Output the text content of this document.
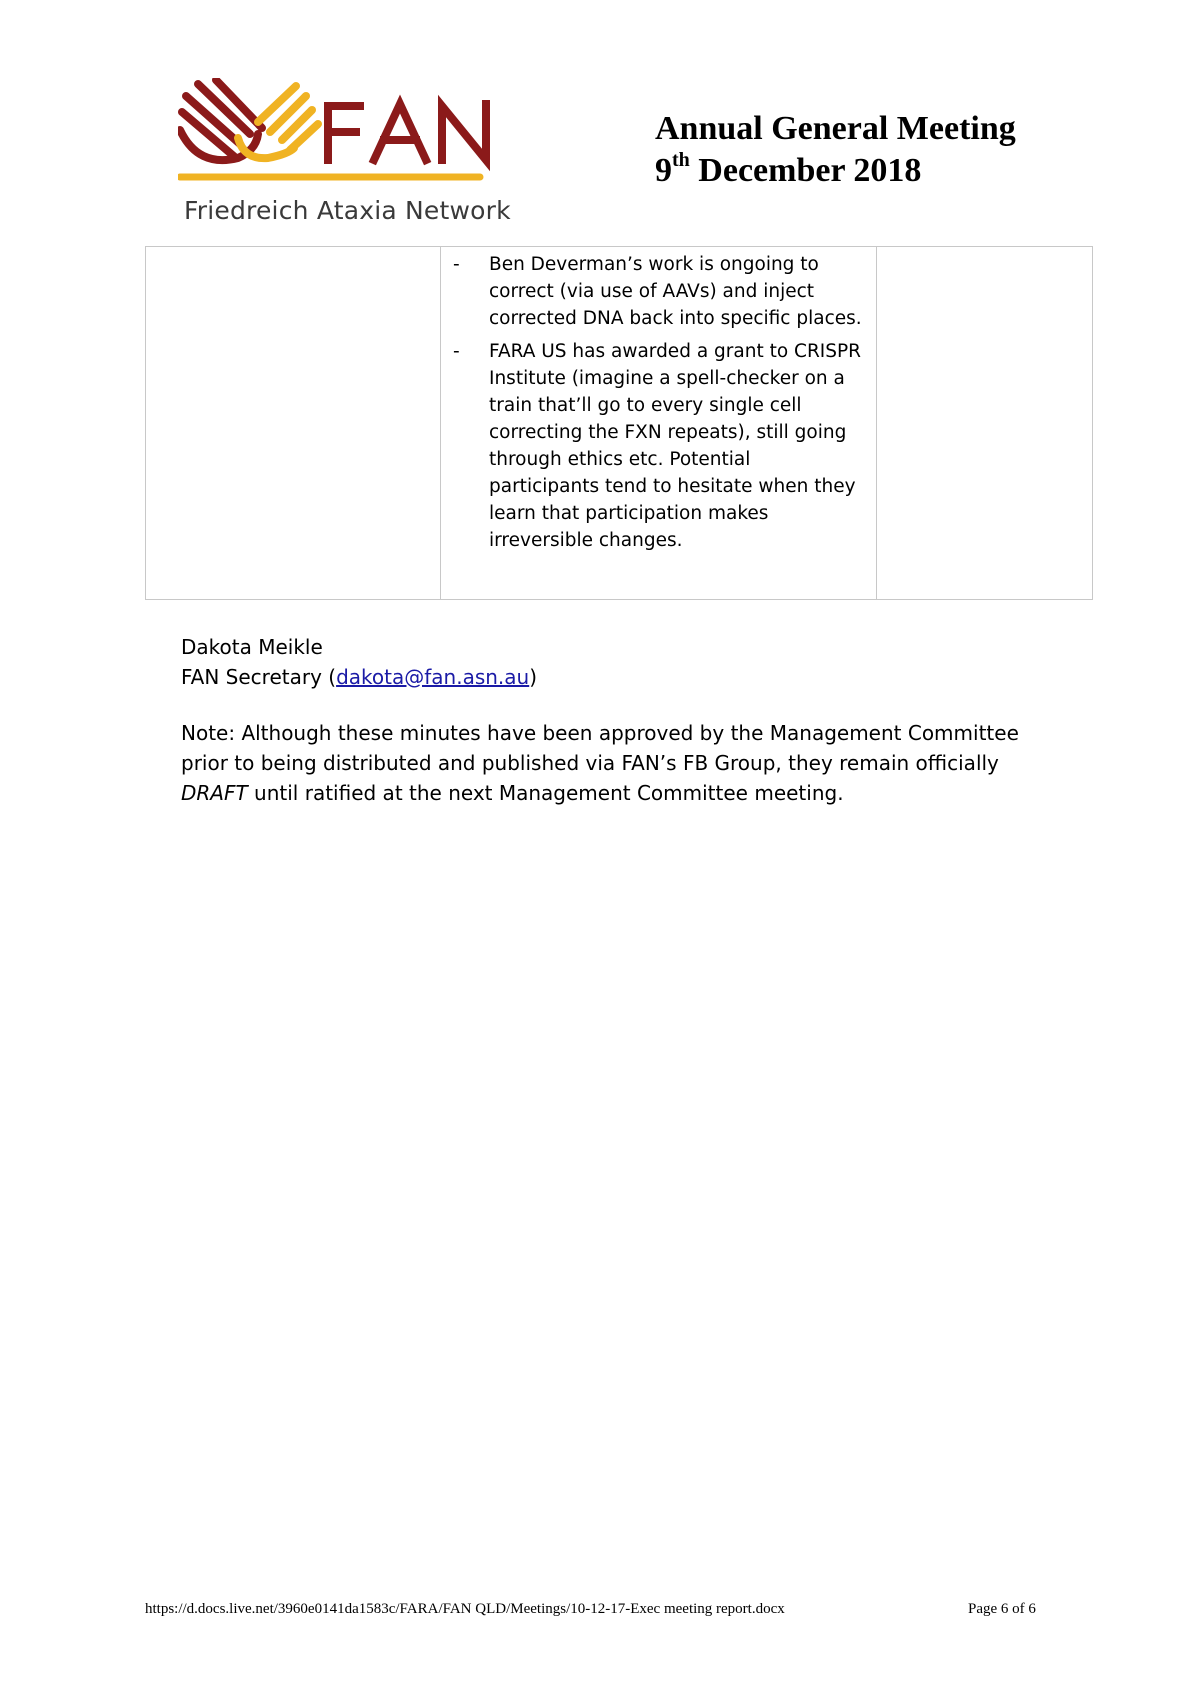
Friedreich Ataxia Network
Annual General Meeting
9th December 2018

- Ben Deverman’s work is ongoing to correct (via use of AAVs) and inject corrected DNA back into specific places.
- FARA US has awarded a grant to CRISPR Institute (imagine a spell-checker on a train that’ll go to every single cell correcting the FXN repeats), still going through ethics etc. Potential participants tend to hesitate when they learn that participation makes irreversible changes.

Dakota Meikle
FAN Secretary (dakota@fan.asn.au)
Note: Although these minutes have been approved by the Management Committee prior to being distributed and published via FAN’s FB Group, they remain officially DRAFT until ratified at the next Management Committee meeting.
https://d.docs.live.net/3960e0141da1583c/FARA/FAN QLD/Meetings/10-12-17-Exec meeting report.docx	Page 6 of 6
